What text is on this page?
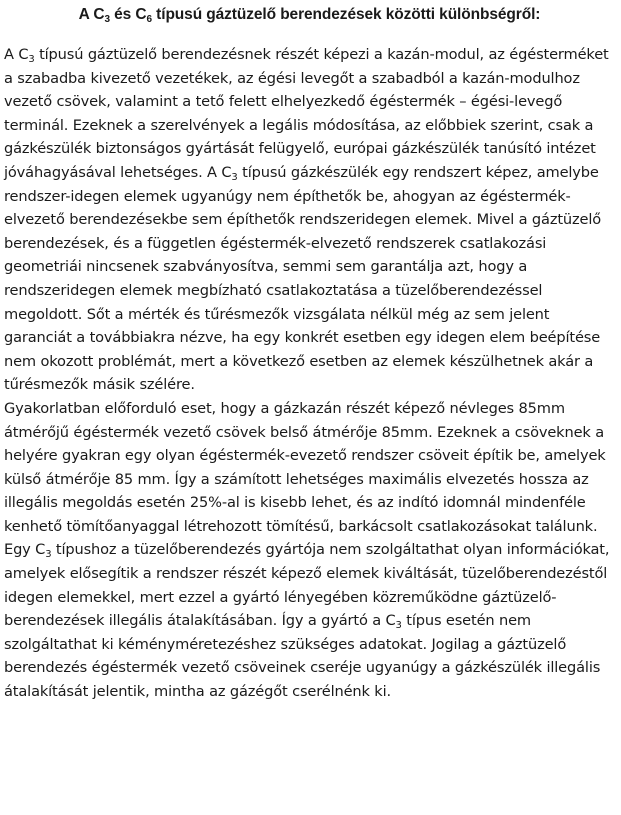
A $C_3$ és $C_6$ típusú gáztüzelő berendezések közötti különbségről:

A $C_3$ típusú gáztüzelő berendezésnek részét képezi a kazán-modul, az égésterméket a szabadba kivezető vezetékek, az égési levegőt a szabadból a kazán-modulhoz vezető csövek, valamint a tető felett elhelyezkedő égéstermék – égési-levegő terminál. Ezeknek a szerelvények a legális módosítása, az előbbiek szerint, csak a gázkészülék biztonságos gyártását felügyelő, európai gázkészülék tanúsító intézet jóváhagyásával lehetséges. A $C_3$ típusú gázkészülék egy rendszert képez, amelybe rendszer-idegen elemek ugyanúgy nem építhetők be, ahogyan az égéstermék-elvezető berendezésekbe sem építhetők rendszeridegen elemek. Mivel a gáztüzelő berendezések, és a független égéstermék-elvezető rendszerek csatlakozási geometriái nincsenek szabványosítva, semmi sem garantálja azt, hogy a rendszeridegen elemek megbízható csatlakoztatása a tüzelőberendezéssel megoldott. Sőt a mérték és tűrésmezők vizsgálata nélkül még az sem jelent garanciát a továbbiakra nézve, ha egy konkrét esetben egy idegen elem beépítése nem okozott problémát, mert a következő esetben az elemek készülhetnek akár a tűrésmezők másik szélére.

Gyakorlatban előforduló eset, hogy a gázkazán részét képező névleges 85mm átmérőjű égéstermék vezető csövek belső átmérője 85mm. Ezeknek a csöveknek a helyére gyakran egy olyan égéstermék-evezető rendszer csöveit építik be, amelyek külső átmérője 85 mm. Így a számított lehetséges maximális elvezetés hossza az illegális megoldás esetén 25%-al is kisebb lehet, és az indító idomnál mindenféle kenhető tömítőanyaggal létrehozott tömítésű, barkácsolt csatlakozásokat találunk.

Egy $C_3$ típushoz a tüzelőberendezés gyártója nem szolgáltathat olyan információkat, amelyek elősegítik a rendszer részét képező elemek kiváltását, tüzelőberendezéstől idegen elemekkel, mert ezzel a gyártó lényegében közreműködne gáztüzelő-berendezések illegális átalakításában. Így a gyártó a $C_3$ típus esetén nem szolgáltathat ki kéményméretezéshez szükséges adatokat. Jogilag a gáztüzelő berendezés égéstermék vezető csöveinek cseréje ugyanúgy a gázkészülék illegális átalakítását jelentik, mintha az gázégőt cserélnénk ki.
